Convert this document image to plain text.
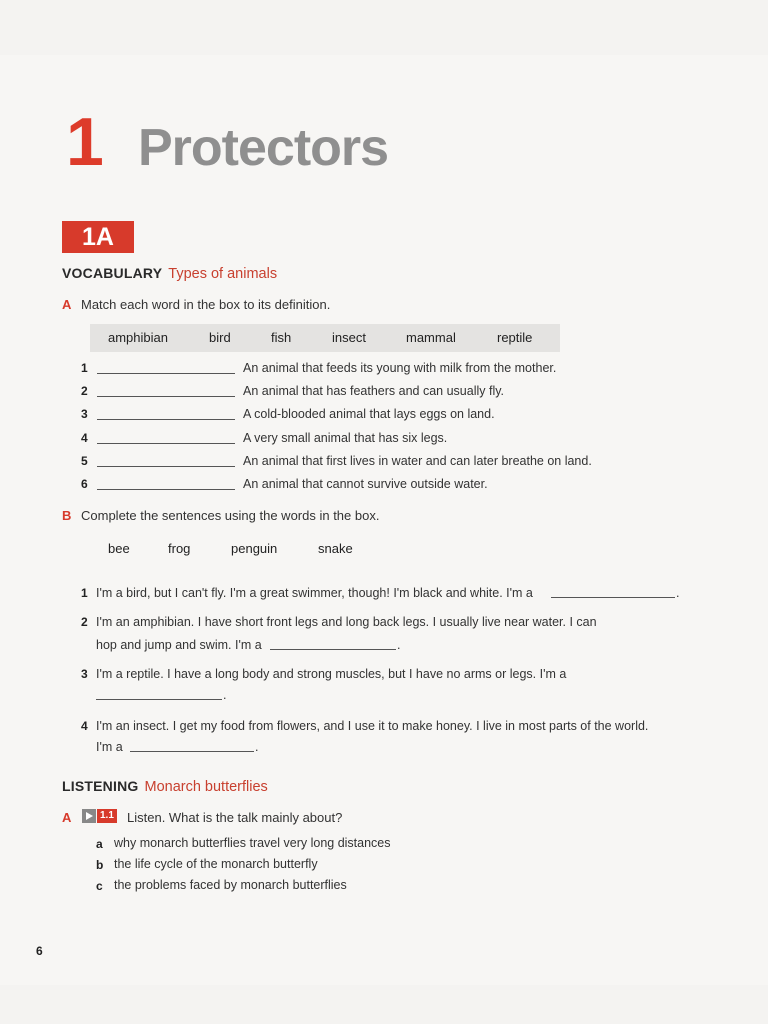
1 Protectors
1A
VOCABULARY Types of animals
A Match each word in the box to its definition.
amphibian	bird	fish	insect	mammal	reptile
1	An animal that feeds its young with milk from the mother.
2	An animal that has feathers and can usually fly.
3	A cold-blooded animal that lays eggs on land.
4	A very small animal that has six legs.
5	An animal that first lives in water and can later breathe on land.
6	An animal that cannot survive outside water.
B Complete the sentences using the words in the box.
bee	frog	penguin	snake
1 I'm a bird, but I can't fly. I'm a great swimmer, though! I'm black and white. I'm a	.
2 I'm an amphibian. I have short front legs and long back legs. I usually live near water. I can
hop and jump and swim. I'm a	.
3 I'm a reptile. I have a long body and strong muscles, but I have no arms or legs. I'm a
.
4 I'm an insect. I get my food from flowers, and I use it to make honey. I live in most parts of the world.
I'm a	.
LISTENING Monarch butterflies
A	1.1 Listen. What is the talk mainly about?
a why monarch butterflies travel very long distances
b the life cycle of the monarch butterfly
c the problems faced by monarch butterflies
6
